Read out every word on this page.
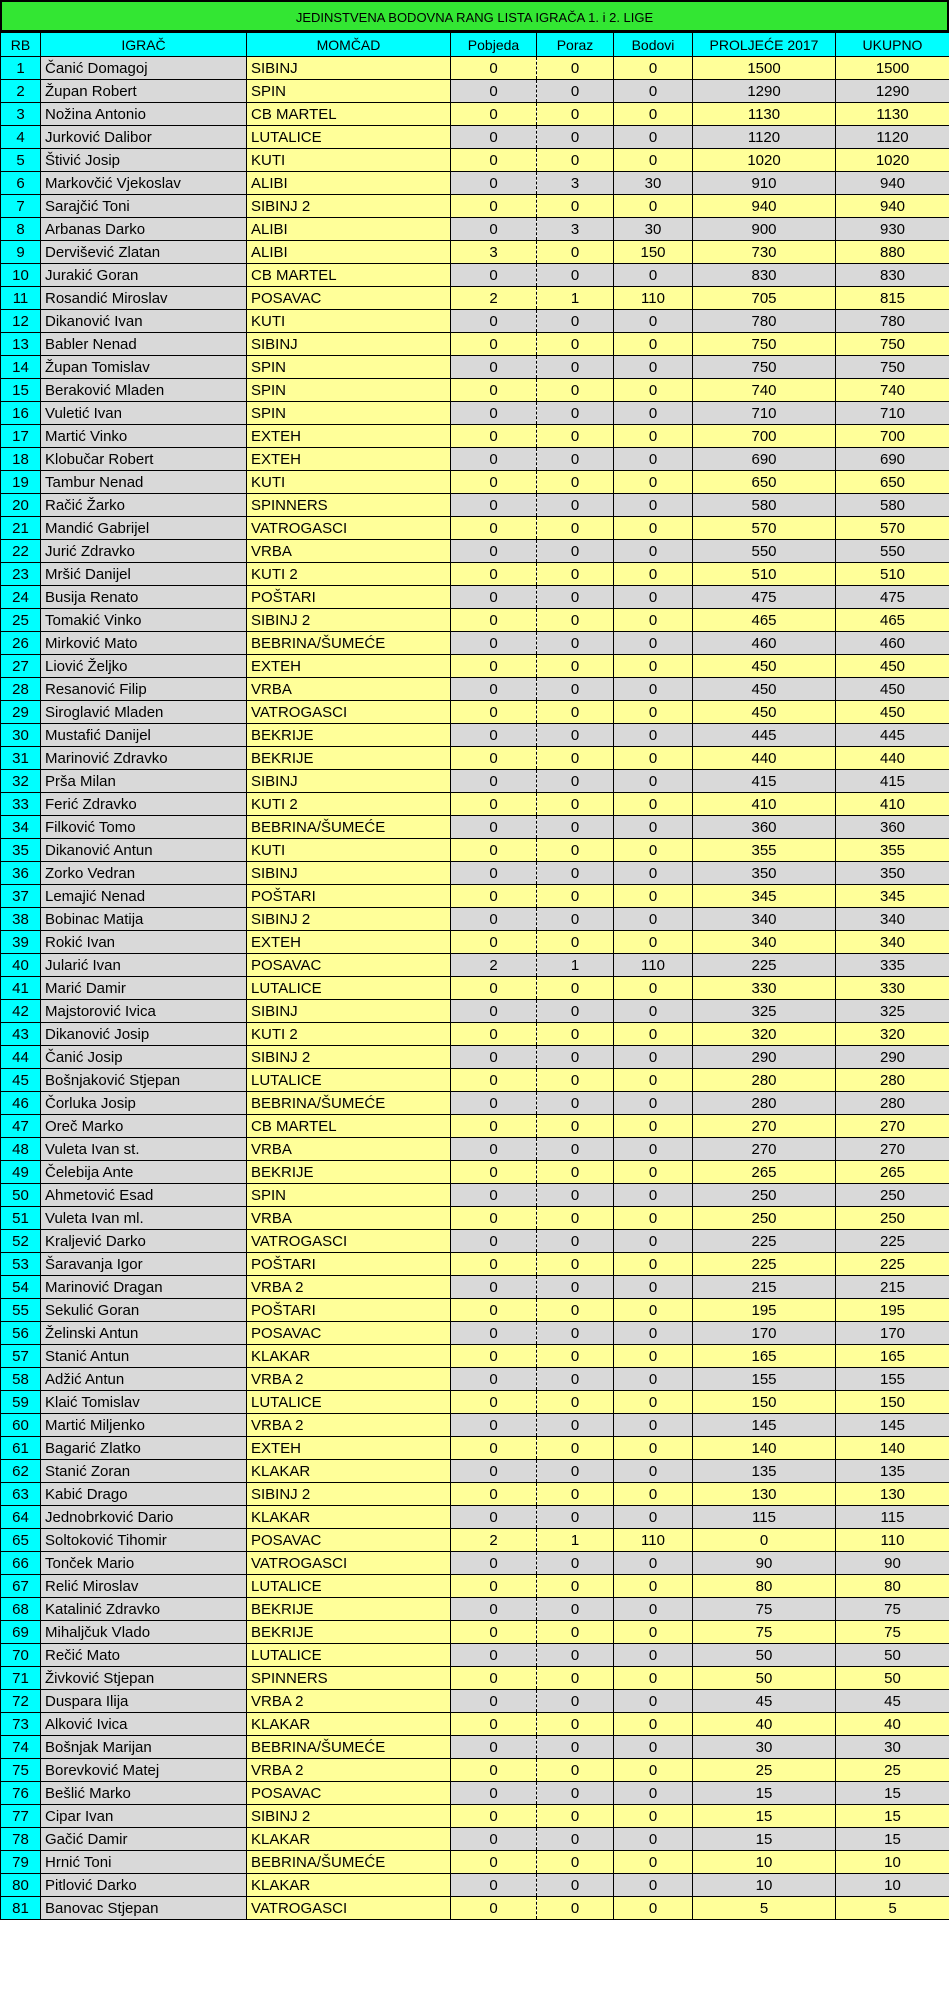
JEDINSTVENA BODOVNA RANG LISTA IGRAČA 1. i 2. LIGE
RB	IGRAČ	MOMČAD	Pobjeda	Poraz	Bodovi	PROLJEĆE 2017	UKUPNO
1	Čanić Domagoj	SIBINJ	0	0	0	1500	1500
2	Župan Robert	SPIN	0	0	0	1290	1290
3	Nožina Antonio	CB MARTEL	0	0	0	1130	1130
4	Jurković Dalibor	LUTALICE	0	0	0	1120	1120
5	Štivić Josip	KUTI	0	0	0	1020	1020
6	Markovčić Vjekoslav	ALIBI	0	3	30	910	940
7	Sarajčić Toni	SIBINJ 2	0	0	0	940	940
8	Arbanas Darko	ALIBI	0	3	30	900	930
9	Dervišević Zlatan	ALIBI	3	0	150	730	880
10	Jurakić Goran	CB MARTEL	0	0	0	830	830
11	Rosandić Miroslav	POSAVAC	2	1	110	705	815
12	Dikanović Ivan	KUTI	0	0	0	780	780
13	Babler Nenad	SIBINJ	0	0	0	750	750
14	Župan Tomislav	SPIN	0	0	0	750	750
15	Beraković Mladen	SPIN	0	0	0	740	740
16	Vuletić Ivan	SPIN	0	0	0	710	710
17	Martić Vinko	EXTEH	0	0	0	700	700
18	Klobučar Robert	EXTEH	0	0	0	690	690
19	Tambur Nenad	KUTI	0	0	0	650	650
20	Račić Žarko	SPINNERS	0	0	0	580	580
21	Mandić Gabrijel	VATROGASCI	0	0	0	570	570
22	Jurić Zdravko	VRBA	0	0	0	550	550
23	Mršić Danijel	KUTI 2	0	0	0	510	510
24	Busija Renato	POŠTARI	0	0	0	475	475
25	Tomakić Vinko	SIBINJ 2	0	0	0	465	465
26	Mirković Mato	BEBRINA/ŠUMEĆE	0	0	0	460	460
27	Liović Željko	EXTEH	0	0	0	450	450
28	Resanović Filip	VRBA	0	0	0	450	450
29	Siroglavić Mladen	VATROGASCI	0	0	0	450	450
30	Mustafić Danijel	BEKRIJE	0	0	0	445	445
31	Marinović Zdravko	BEKRIJE	0	0	0	440	440
32	Prša Milan	SIBINJ	0	0	0	415	415
33	Ferić Zdravko	KUTI 2	0	0	0	410	410
34	Filković Tomo	BEBRINA/ŠUMEĆE	0	0	0	360	360
35	Dikanović Antun	KUTI	0	0	0	355	355
36	Zorko Vedran	SIBINJ	0	0	0	350	350
37	Lemajić Nenad	POŠTARI	0	0	0	345	345
38	Bobinac Matija	SIBINJ 2	0	0	0	340	340
39	Rokić Ivan	EXTEH	0	0	0	340	340
40	Jularić Ivan	POSAVAC	2	1	110	225	335
41	Marić Damir	LUTALICE	0	0	0	330	330
42	Majstorović Ivica	SIBINJ	0	0	0	325	325
43	Dikanović Josip	KUTI 2	0	0	0	320	320
44	Čanić Josip	SIBINJ 2	0	0	0	290	290
45	Bošnjaković Stjepan	LUTALICE	0	0	0	280	280
46	Čorluka Josip	BEBRINA/ŠUMEĆE	0	0	0	280	280
47	Oreč Marko	CB MARTEL	0	0	0	270	270
48	Vuleta Ivan st.	VRBA	0	0	0	270	270
49	Čelebija Ante	BEKRIJE	0	0	0	265	265
50	Ahmetović Esad	SPIN	0	0	0	250	250
51	Vuleta Ivan ml.	VRBA	0	0	0	250	250
52	Kraljević Darko	VATROGASCI	0	0	0	225	225
53	Šaravanja Igor	POŠTARI	0	0	0	225	225
54	Marinović Dragan	VRBA 2	0	0	0	215	215
55	Sekulić Goran	POŠTARI	0	0	0	195	195
56	Želinski Antun	POSAVAC	0	0	0	170	170
57	Stanić Antun	KLAKAR	0	0	0	165	165
58	Adžić Antun	VRBA 2	0	0	0	155	155
59	Klaić Tomislav	LUTALICE	0	0	0	150	150
60	Martić Miljenko	VRBA 2	0	0	0	145	145
61	Bagarić Zlatko	EXTEH	0	0	0	140	140
62	Stanić Zoran	KLAKAR	0	0	0	135	135
63	Kabić Drago	SIBINJ 2	0	0	0	130	130
64	Jednobrković Dario	KLAKAR	0	0	0	115	115
65	Soltoković Tihomir	POSAVAC	2	1	110	0	110
66	Tonček Mario	VATROGASCI	0	0	0	90	90
67	Relić Miroslav	LUTALICE	0	0	0	80	80
68	Katalinić Zdravko	BEKRIJE	0	0	0	75	75
69	Mihaljčuk Vlado	BEKRIJE	0	0	0	75	75
70	Rečić Mato	LUTALICE	0	0	0	50	50
71	Živković Stjepan	SPINNERS	0	0	0	50	50
72	Duspara Ilija	VRBA 2	0	0	0	45	45
73	Alković Ivica	KLAKAR	0	0	0	40	40
74	Bošnjak Marijan	BEBRINA/ŠUMEĆE	0	0	0	30	30
75	Borevković Matej	VRBA 2	0	0	0	25	25
76	Bešlić Marko	POSAVAC	0	0	0	15	15
77	Cipar Ivan	SIBINJ 2	0	0	0	15	15
78	Gačić Damir	KLAKAR	0	0	0	15	15
79	Hrnić Toni	BEBRINA/ŠUMEĆE	0	0	0	10	10
80	Pitlović Darko	KLAKAR	0	0	0	10	10
81	Banovac Stjepan	VATROGASCI	0	0	0	5	5
